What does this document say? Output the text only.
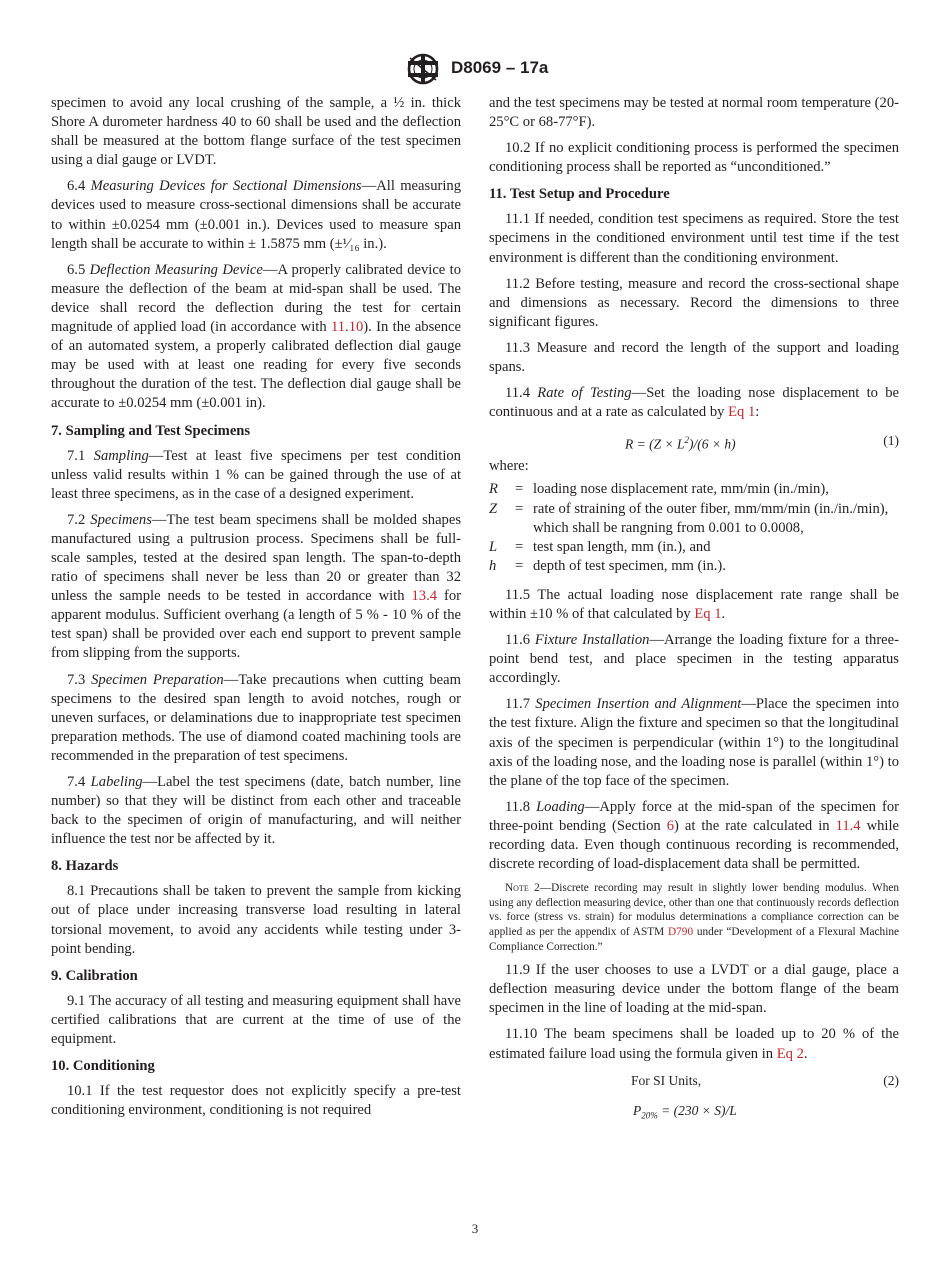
D8069 – 17a

specimen to avoid any local crushing of the sample, a ½ in. thick Shore A durometer hardness 40 to 60 shall be used and the deflection shall be measured at the bottom flange surface of the test specimen using a dial gauge or LVDT.

6.4 Measuring Devices for Sectional Dimensions—All measuring devices used to measure cross-sectional dimensions shall be accurate to within ±0.0254 mm (±0.001 in.). Devices used to measure span length shall be accurate to within ± 1.5875 mm (±¹⁄₁₆ in.).

6.5 Deflection Measuring Device—A properly calibrated device to measure the deflection of the beam at mid-span shall be used. The device shall record the deflection during the test for certain magnitude of applied load (in accordance with 11.10). In the absence of an automated system, a properly calibrated deflection dial gauge may be used with at least one reading for every five seconds throughout the duration of the test. The deflection dial gauge shall be accurate to ±0.0254 mm (±0.001 in).

7. Sampling and Test Specimens

7.1 Sampling—Test at least five specimens per test condition unless valid results within 1 % can be gained through the use of at least three specimens, as in the case of a designed experiment.

7.2 Specimens—The test beam specimens shall be molded shapes manufactured using a pultrusion process. Specimens shall be full-scale samples, tested at the desired span length. The span-to-depth ratio of specimens shall never be less than 20 or greater than 32 unless the sample needs to be tested in accordance with 13.4 for apparent modulus. Sufficient overhang (a length of 5 % - 10 % of the test span) shall be provided over each end support to prevent sample from slipping from the supports.

7.3 Specimen Preparation—Take precautions when cutting beam specimens to the desired span length to avoid notches, rough or uneven surfaces, or delaminations due to inappropriate test specimen preparation methods. The use of diamond coated machining tools are recommended in the preparation of test specimens.

7.4 Labeling—Label the test specimens (date, batch number, line number) so that they will be distinct from each other and traceable back to the specimen of origin of manufacturing, and will neither influence the test nor be affected by it.

8. Hazards

8.1 Precautions shall be taken to prevent the sample from kicking out of place under increasing transverse load resulting in lateral torsional movement, to avoid any accidents while testing under 3-point bending.

9. Calibration

9.1 The accuracy of all testing and measuring equipment shall have certified calibrations that are current at the time of use of the equipment.

10. Conditioning

10.1 If the test requestor does not explicitly specify a pre-test conditioning environment, conditioning is not required

and the test specimens may be tested at normal room temperature (20-25°C or 68-77°F).

10.2 If no explicit conditioning process is performed the specimen conditioning process shall be reported as “unconditioned.”

11. Test Setup and Procedure

11.1 If needed, condition test specimens as required. Store the test specimens in the conditioned environment until test time if the test environment is different than the conditioning environment.

11.2 Before testing, measure and record the cross-sectional shape and dimensions as necessary. Record the dimensions to three significant figures.

11.3 Measure and record the length of the support and loading spans.

11.4 Rate of Testing—Set the loading nose displacement to be continuous and at a rate as calculated by Eq 1:

$R = (Z \times L^2)/(6 \times h)$	(1)
where:
R	= loading nose displacement rate, mm/min (in./min),
Z	= rate of straining of the outer fiber, mm/mm/min (in./in./min), which shall be rangning from 0.001 to 0.0008,
L	= test span length, mm (in.), and
h	= depth of test specimen, mm (in.).

11.5 The actual loading nose displacement rate range shall be within ±10 % of that calculated by Eq 1.

11.6 Fixture Installation—Arrange the loading fixture for a three-point bend test, and place specimen in the testing apparatus accordingly.

11.7 Specimen Insertion and Alignment—Place the specimen into the test fixture. Align the fixture and specimen so that the longitudinal axis of the specimen is perpendicular (within 1°) to the longitudinal axis of the loading nose, and the loading nose is parallel (within 1°) to the plane of the top face of the specimen.

11.8 Loading—Apply force at the mid-span of the specimen for three-point bending (Section 6) at the rate calculated in 11.4 while recording data. Even though continuous recording is recommended, discrete recording of load-displacement data shall be permitted.

Note 2—Discrete recording may result in slightly lower bending modulus. When using any deflection measuring device, other than one that continuously records deflection vs. force (stress vs. strain) for modulus determinations a compliance correction can be applied as per the appendix of ASTM D790 under “Development of a Flexural Machine Compliance Correction.”

11.9 If the user chooses to use a LVDT or a dial gauge, place a deflection measuring device under the bottom flange of the beam specimen in the line of loading at the mid-span.

11.10 The beam specimens shall be loaded up to 20 % of the estimated failure load using the formula given in Eq 2.

For SI Units,	(2)
$P_{20\%} = (230 \times S)/L$
3
